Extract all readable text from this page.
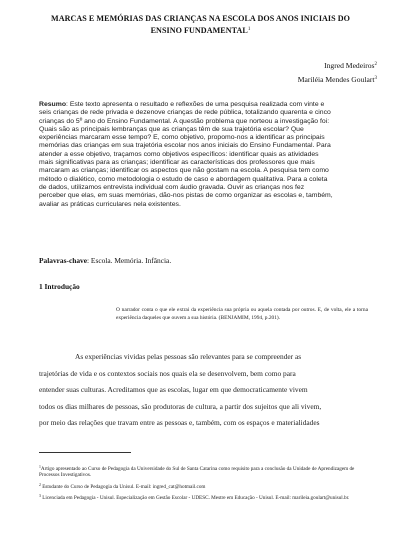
MARCAS E MEMÓRIAS DAS CRIANÇAS NA ESCOLA DOS ANOS INICIAIS DO
ENSINO FUNDAMENTAL$^1$
Ingred Medeiros$^2$
Mariléia Mendes Goulart$^3$
Resumo: Este texto apresenta o resultado e reflexões de uma pesquisa realizada com vinte e
seis crianças de rede privada e dezenove crianças de rede pública, totalizando quarenta e cinco
crianças do 5º ano do Ensino Fundamental. A questão problema que norteou a investigação foi:
Quais são as principais lembranças que as crianças têm de sua trajetória escolar? Que
experiências marcaram esse tempo? E, como objetivo, propomo-nos a identificar as principais
memórias das crianças em sua trajetória escolar nos anos iniciais do Ensino Fundamental. Para
atender a esse objetivo, traçamos como objetivos específicos: identificar quais as atividades
mais significativas para as crianças; identificar as características dos professores que mais
marcaram as crianças; identificar os aspectos que não gostam na escola. A pesquisa tem como
método o dialético, como metodologia o estudo de caso e abordagem qualitativa. Para a coleta
de dados, utilizamos entrevista individual com áudio gravada. Ouvir as crianças nos fez
perceber que elas, em suas memórias, dão-nos pistas de como organizar as escolas e, também,
avaliar as práticas curriculares nela existentes.
Palavras-chave: Escola. Memória. Infância.
1 Introdução
O narrador conta o que ele extrai da experiência sua própria ou aquela contada por outros. E, de volta, ele a torna experiência daqueles que ouvem a sua história. (BENJAMIM, 1994, p.201).
As experiências vividas pelas pessoas são relevantes para se compreender as
trajetórias de vida e os contextos sociais nos quais ela se desenvolvem, bem como para
entender suas culturas. Acreditamos que as escolas, lugar em que democraticamente vivem
todos os dias milhares de pessoas, são produtoras de cultura, a partir dos sujeitos que ali vivem,
por meio das relações que travam entre as pessoas e, também, com os espaços e materialidades
$^1$Artigo apresentado ao Curso de Pedagogia da Universidade do Sul de Santa Catarina como requisito para a conclusão da Unidade de Aprendizagem de Processos Investigativos.
$^2$ Estudante do Curso de Pedagogia da Unisul. E-mail: ingred_cat@hotmail.com
$^3$ Licenciada em Pedagogia - Unisul. Especialização em Gestão Escolar - UDESC. Mestre em Educação - Unisul. E-mail: marileia.goulart@unisul.br.
